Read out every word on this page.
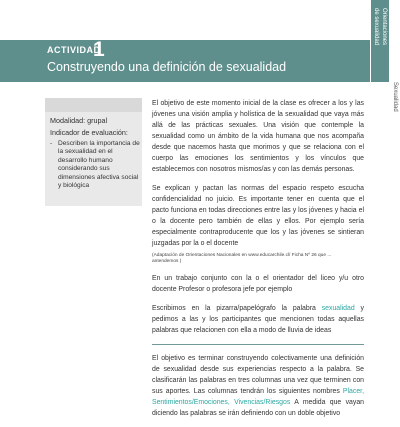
ACTIVIDAD
1
Construyendo una definición de sexualidad
Orientaciones
de sexualidad
Sexualidad
Modalidad: grupal
Indicador de evaluación:
- Describen la importancia de la sexualidad en el desarrollo humano considerando sus dimensiones afectiva social y biológica

El objetivo de este momento inicial de la clase es ofrecer a los y las jóvenes una visión amplia y holística de la sexualidad que vaya más allá de las prácticas sexuales. Una visión que contemple la sexualidad como un ámbito de la vida humana que nos acompaña desde que nacemos hasta que morimos y que se relaciona con el cuerpo las emociones los sentimientos y los vínculos que establecemos con nosotros mismos/as y con las demás personas.

Se explican y pactan las normas del espacio respeto escucha confidencialidad no juicio. Es importante tener en cuenta que el pacto funciona en todas direcciones entre las y los jóvenes y hacia el o la docente pero también de ellas y ellos. Por ejemplo sería especialmente contraproducente que los y las jóvenes se sintieran juzgadas por la o el docente

(Adaptación de Orientaciones Nacionales en www.educarchile.cl/ Ficha Nº 26 que ...
antendemos )

En un trabajo conjunto con la o el orientador del liceo y/u otro docente Profesor o profesora jefe por ejemplo

Escribimos en la pizarra/papelógrafo la palabra sexualidad y pedimos a las y los participantes que mencionen todas aquellas palabras que relacionen con ella a modo de lluvia de ideas

El objetivo es terminar construyendo colectivamente una definición de sexualidad desde sus experiencias respecto a la palabra. Se clasificarán las palabras en tres columnas una vez que terminen con sus aportes. Las columnas tendrán los siguientes nombres Placer, Sentimientos/Emociones, Vivencias/Riesgos A medida que vayan diciendo las palabras se irán definiendo con un doble objetivo
